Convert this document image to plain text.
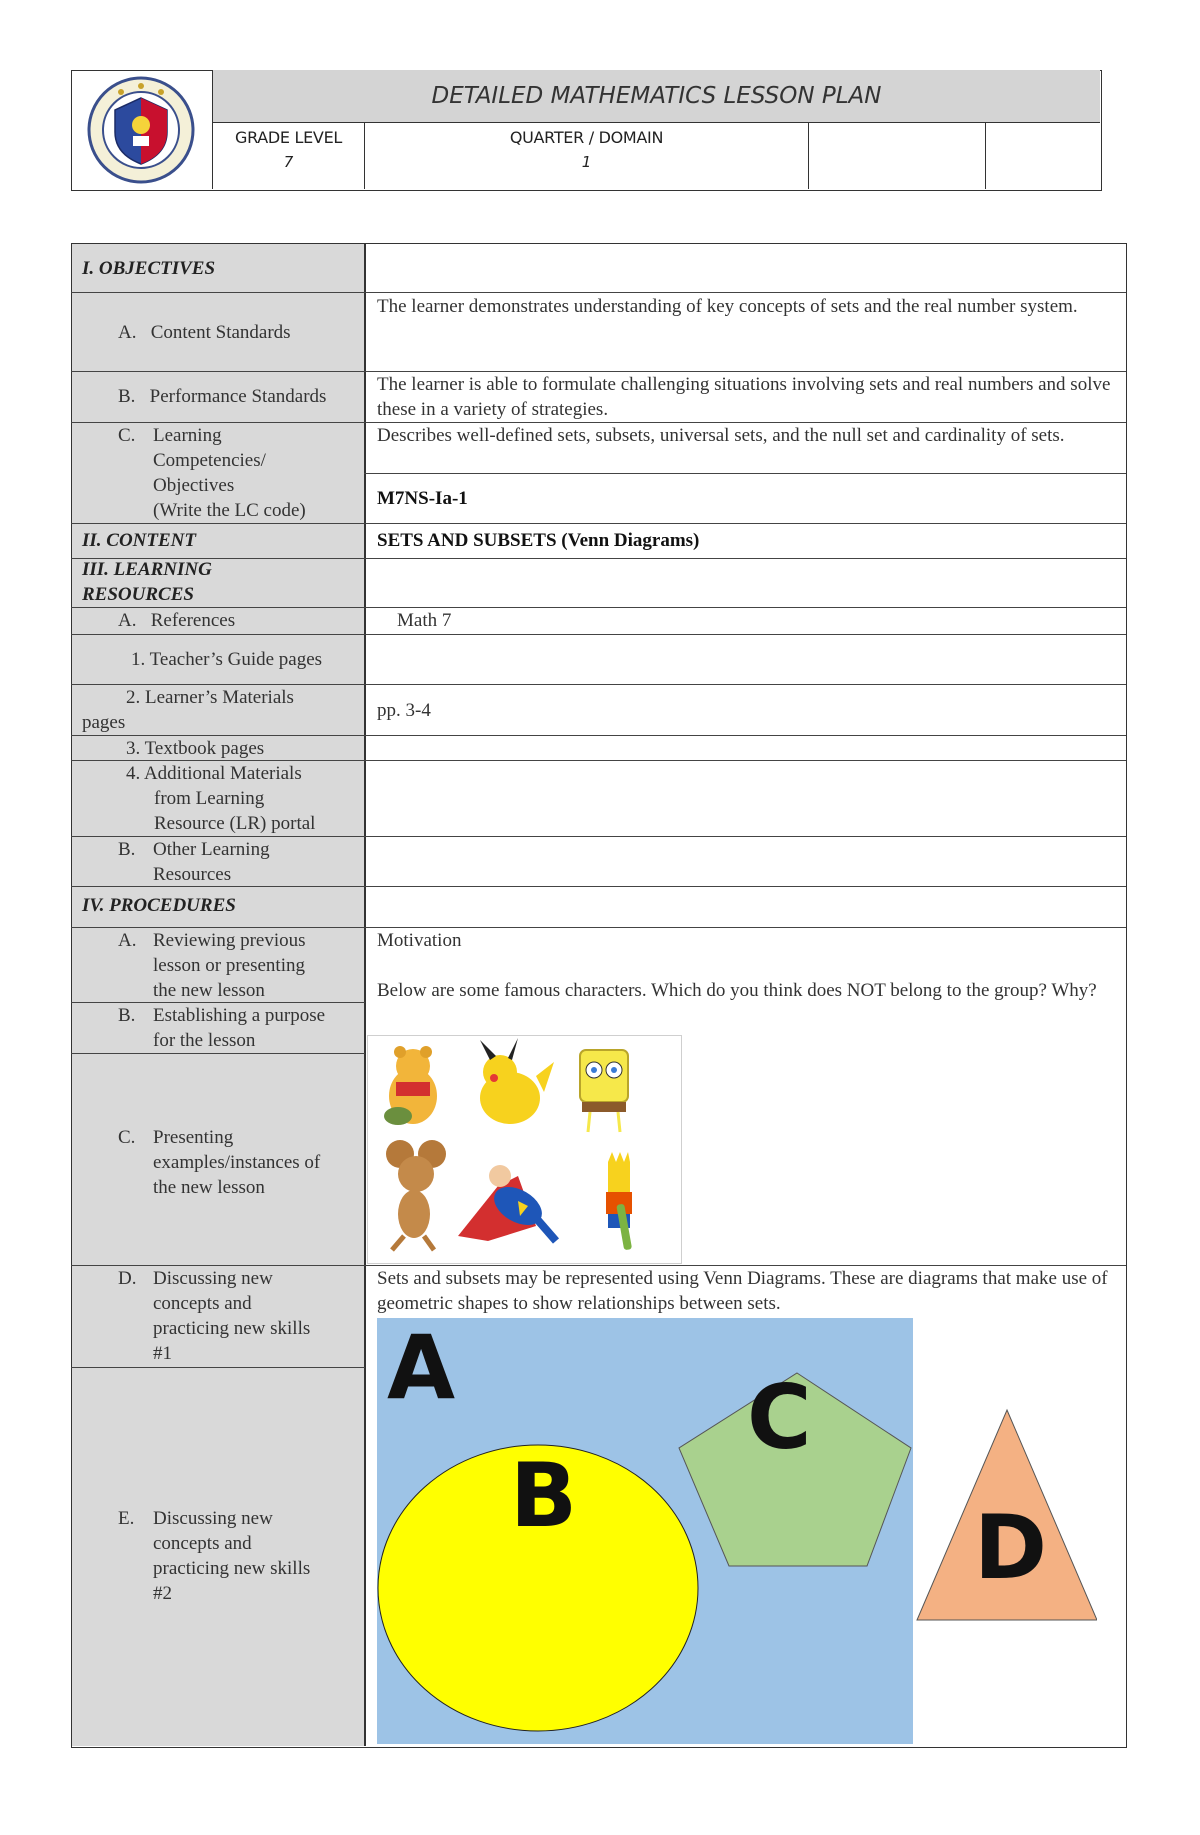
DETAILED MATHEMATICS LESSON PLAN
GRADE LEVEL
7
QUARTER / DOMAIN
1
I. OBJECTIVES
A.   Content Standards
The learner demonstrates understanding of key concepts of sets and the real number system.
B.   Performance Standards
The learner is able to formulate challenging situations involving sets and real numbers and solve these in a variety of strategies.
C. Learning
Competencies/
Objectives
(Write the LC code)
Describes well-defined sets, subsets, universal sets, and the null set and cardinality of sets.
M7NS-Ia-1
II. CONTENT	SETS AND SUBSETS (Venn Diagrams)
III. LEARNING
RESOURCES
A.   References	Math 7
1. Teacher’s Guide pages
2. Learner’s Materials
pages
pp. 3-4
3. Textbook pages
4. Additional Materials
from Learning
Resource (LR) portal
B. Other Learning
Resources
IV. PROCEDURES
A. Reviewing previous
lesson or presenting
the new lesson
B. Establishing a purpose
for the lesson
C. Presenting
examples/instances of
the new lesson
D. Discussing new
concepts and
practicing new skills
#1
E. Discussing new
concepts and
practicing new skills
#2
Motivation
Below are some famous characters. Which do you think does NOT belong to the group? Why?
Sets and subsets may be represented using Venn Diagrams. These are diagrams that make use of geometric shapes to show relationships between sets.
A
B
C
D
